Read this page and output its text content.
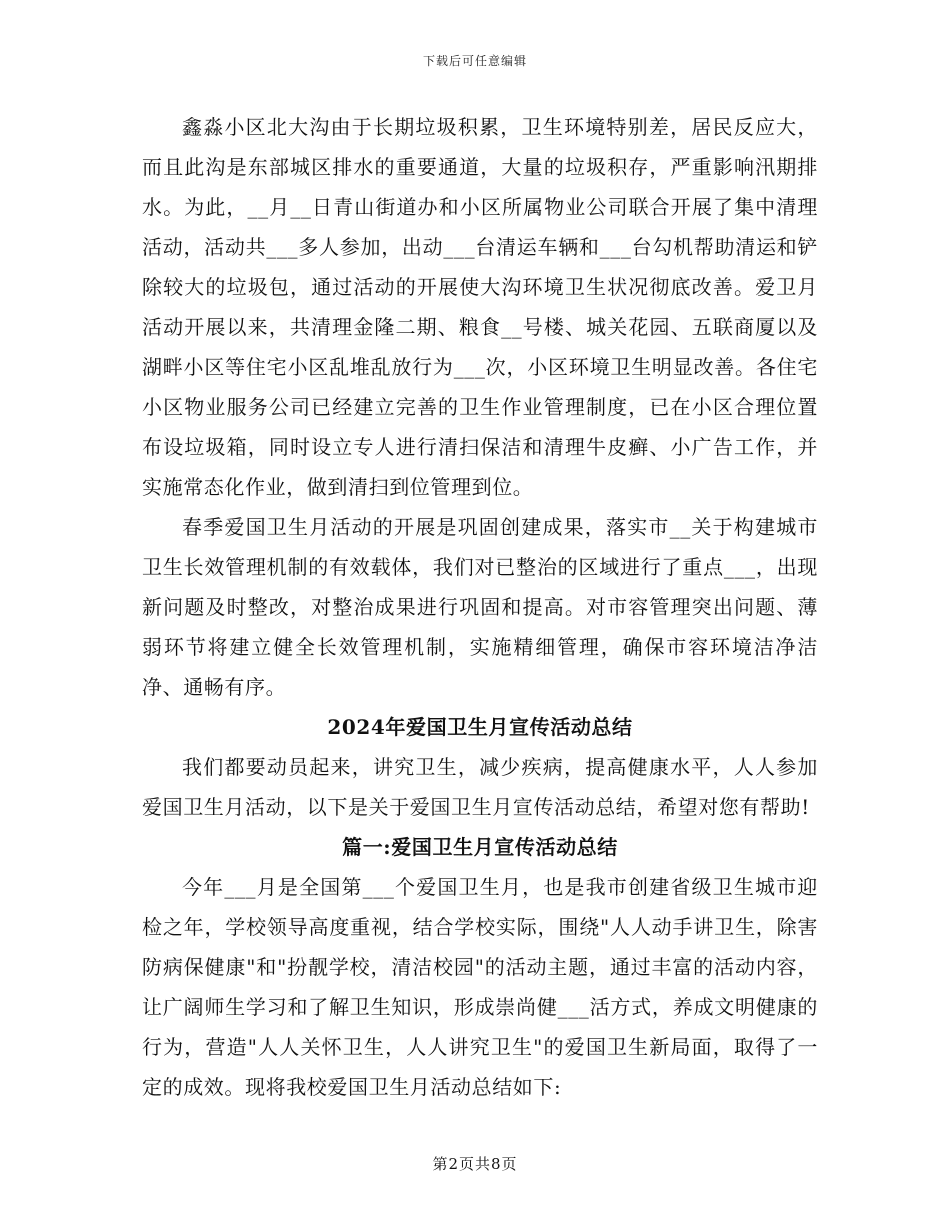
下载后可任意编辑

鑫淼小区北大沟由于长期垃圾积累，卫生环境特别差，居民反应大，而且此沟是东部城区排水的重要通道，大量的垃圾积存，严重影响汛期排水。为此，__月__日青山街道办和小区所属物业公司联合开展了集中清理活动，活动共___多人参加，出动___台清运车辆和___台勾机帮助清运和铲除较大的垃圾包，通过活动的开展使大沟环境卫生状况彻底改善。爱卫月活动开展以来，共清理金隆二期、粮食__号楼、城关花园、五联商厦以及湖畔小区等住宅小区乱堆乱放行为___次，小区环境卫生明显改善。各住宅小区物业服务公司已经建立完善的卫生作业管理制度，已在小区合理位置布设垃圾箱，同时设立专人进行清扫保洁和清理牛皮癣、小广告工作，并实施常态化作业，做到清扫到位管理到位。

春季爱国卫生月活动的开展是巩固创建成果，落实市__关于构建城市卫生长效管理机制的有效载体，我们对已整治的区域进行了重点___，出现新问题及时整改，对整治成果进行巩固和提高。对市容管理突出问题、薄弱环节将建立健全长效管理机制，实施精细管理，确保市容环境洁净洁净、通畅有序。

2024年爱国卫生月宣传活动总结

我们都要动员起来，讲究卫生，减少疾病，提高健康水平，人人参加爱国卫生月活动，以下是关于爱国卫生月宣传活动总结，希望对您有帮助!

篇一:爱国卫生月宣传活动总结

今年___月是全国第___个爱国卫生月，也是我市创建省级卫生城市迎检之年，学校领导高度重视，结合学校实际，围绕"人人动手讲卫生，除害防病保健康"和"扮靓学校，清洁校园"的活动主题，通过丰富的活动内容，让广阔师生学习和了解卫生知识，形成崇尚健___活方式，养成文明健康的行为，营造"人人关怀卫生，人人讲究卫生"的爱国卫生新局面，取得了一定的成效。现将我校爱国卫生月活动总结如下:

第2页共8页
